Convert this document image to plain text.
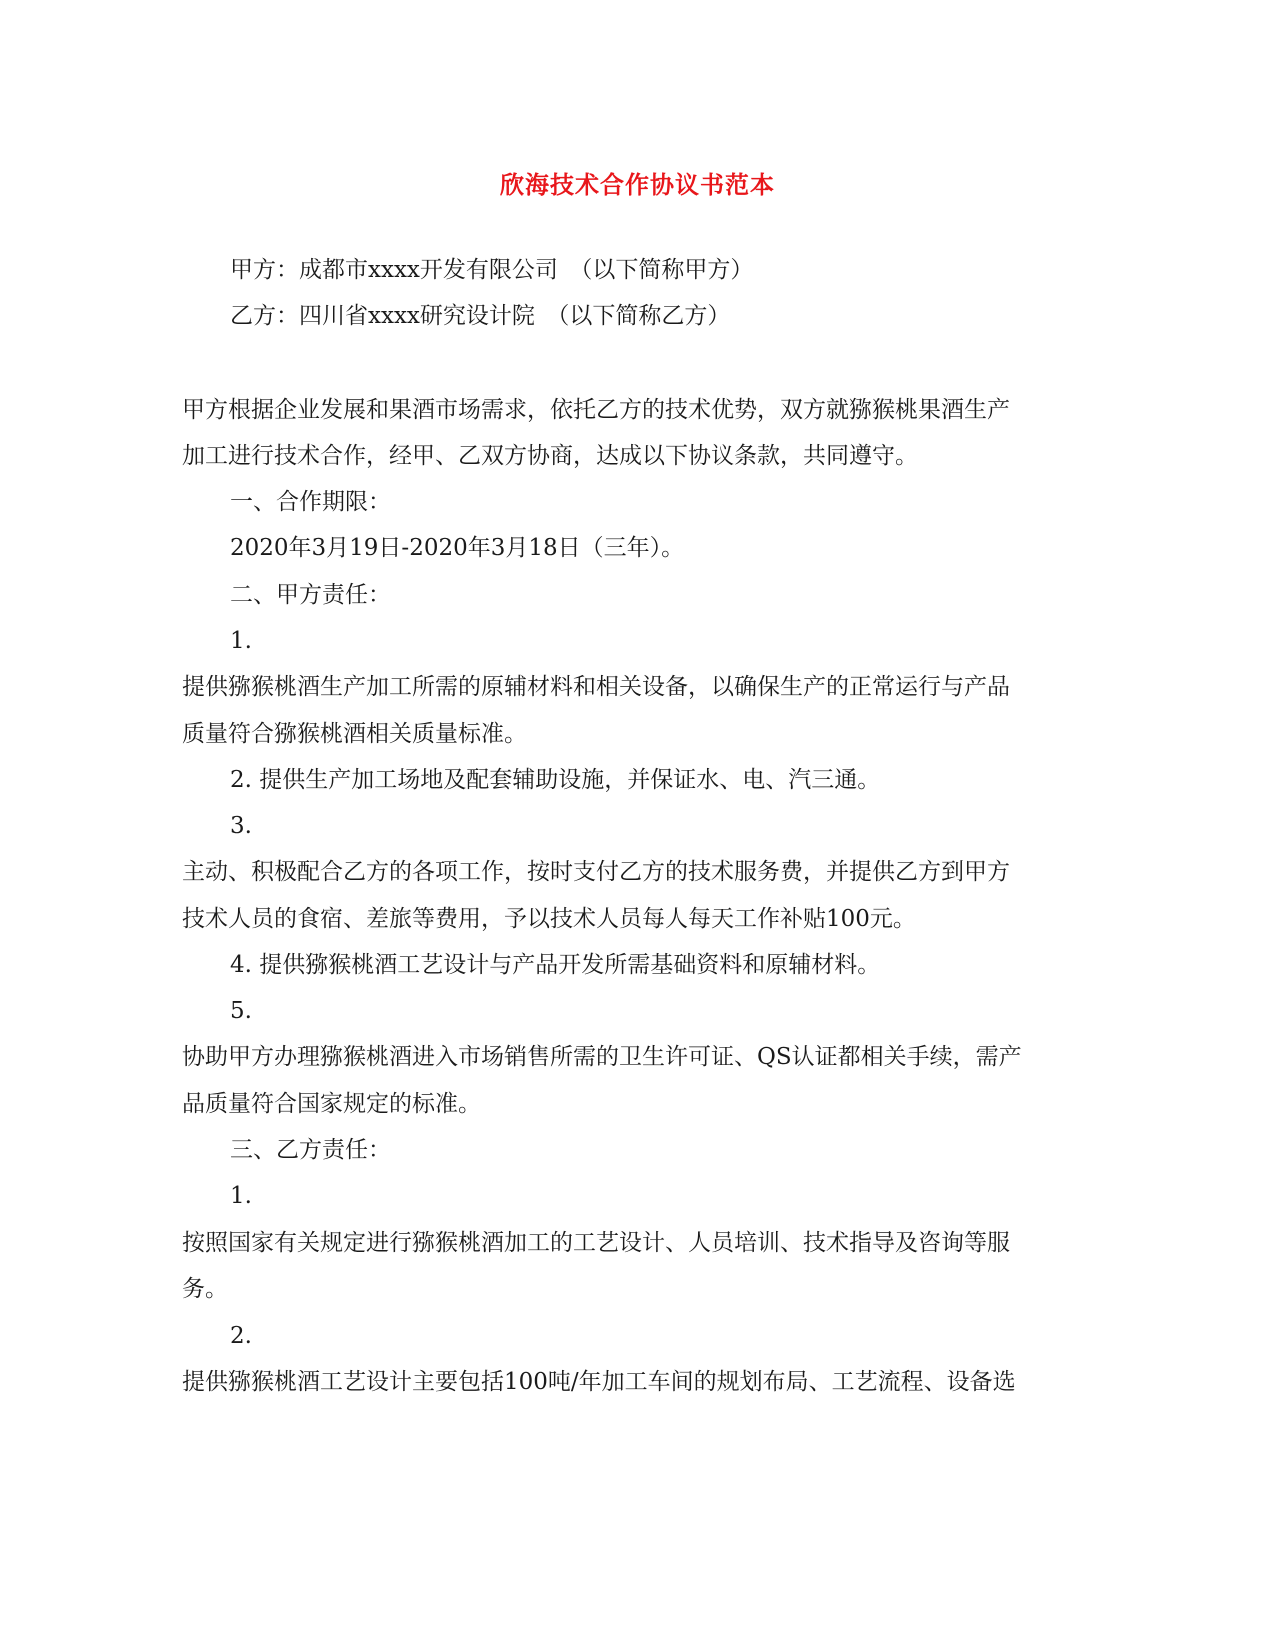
欣海技术合作协议书范本
甲方：成都市xxxx开发有限公司　（以下简称甲方）
乙方：四川省xxxx研究设计院　（以下简称乙方）
甲方根据企业发展和果酒市场需求，依托乙方的技术优势，双方就猕猴桃果酒生产
加工进行技术合作，经甲、乙双方协商，达成以下协议条款，共同遵守。
一、合作期限：
2020年3月19日-2020年3月18日（三年）。
二、甲方责任：
1.
提供猕猴桃酒生产加工所需的原辅材料和相关设备，以确保生产的正常运行与产品
质量符合猕猴桃酒相关质量标准。
2. 提供生产加工场地及配套辅助设施，并保证水、电、汽三通。
3.
主动、积极配合乙方的各项工作，按时支付乙方的技术服务费，并提供乙方到甲方
技术人员的食宿、差旅等费用，予以技术人员每人每天工作补贴100元。
4. 提供猕猴桃酒工艺设计与产品开发所需基础资料和原辅材料。
5.
协助甲方办理猕猴桃酒进入市场销售所需的卫生许可证、QS认证都相关手续，需产
品质量符合国家规定的标准。
三、乙方责任：
1.
按照国家有关规定进行猕猴桃酒加工的工艺设计、人员培训、技术指导及咨询等服
务。
2.
提供猕猴桃酒工艺设计主要包括100吨/年加工车间的规划布局、工艺流程、设备选
